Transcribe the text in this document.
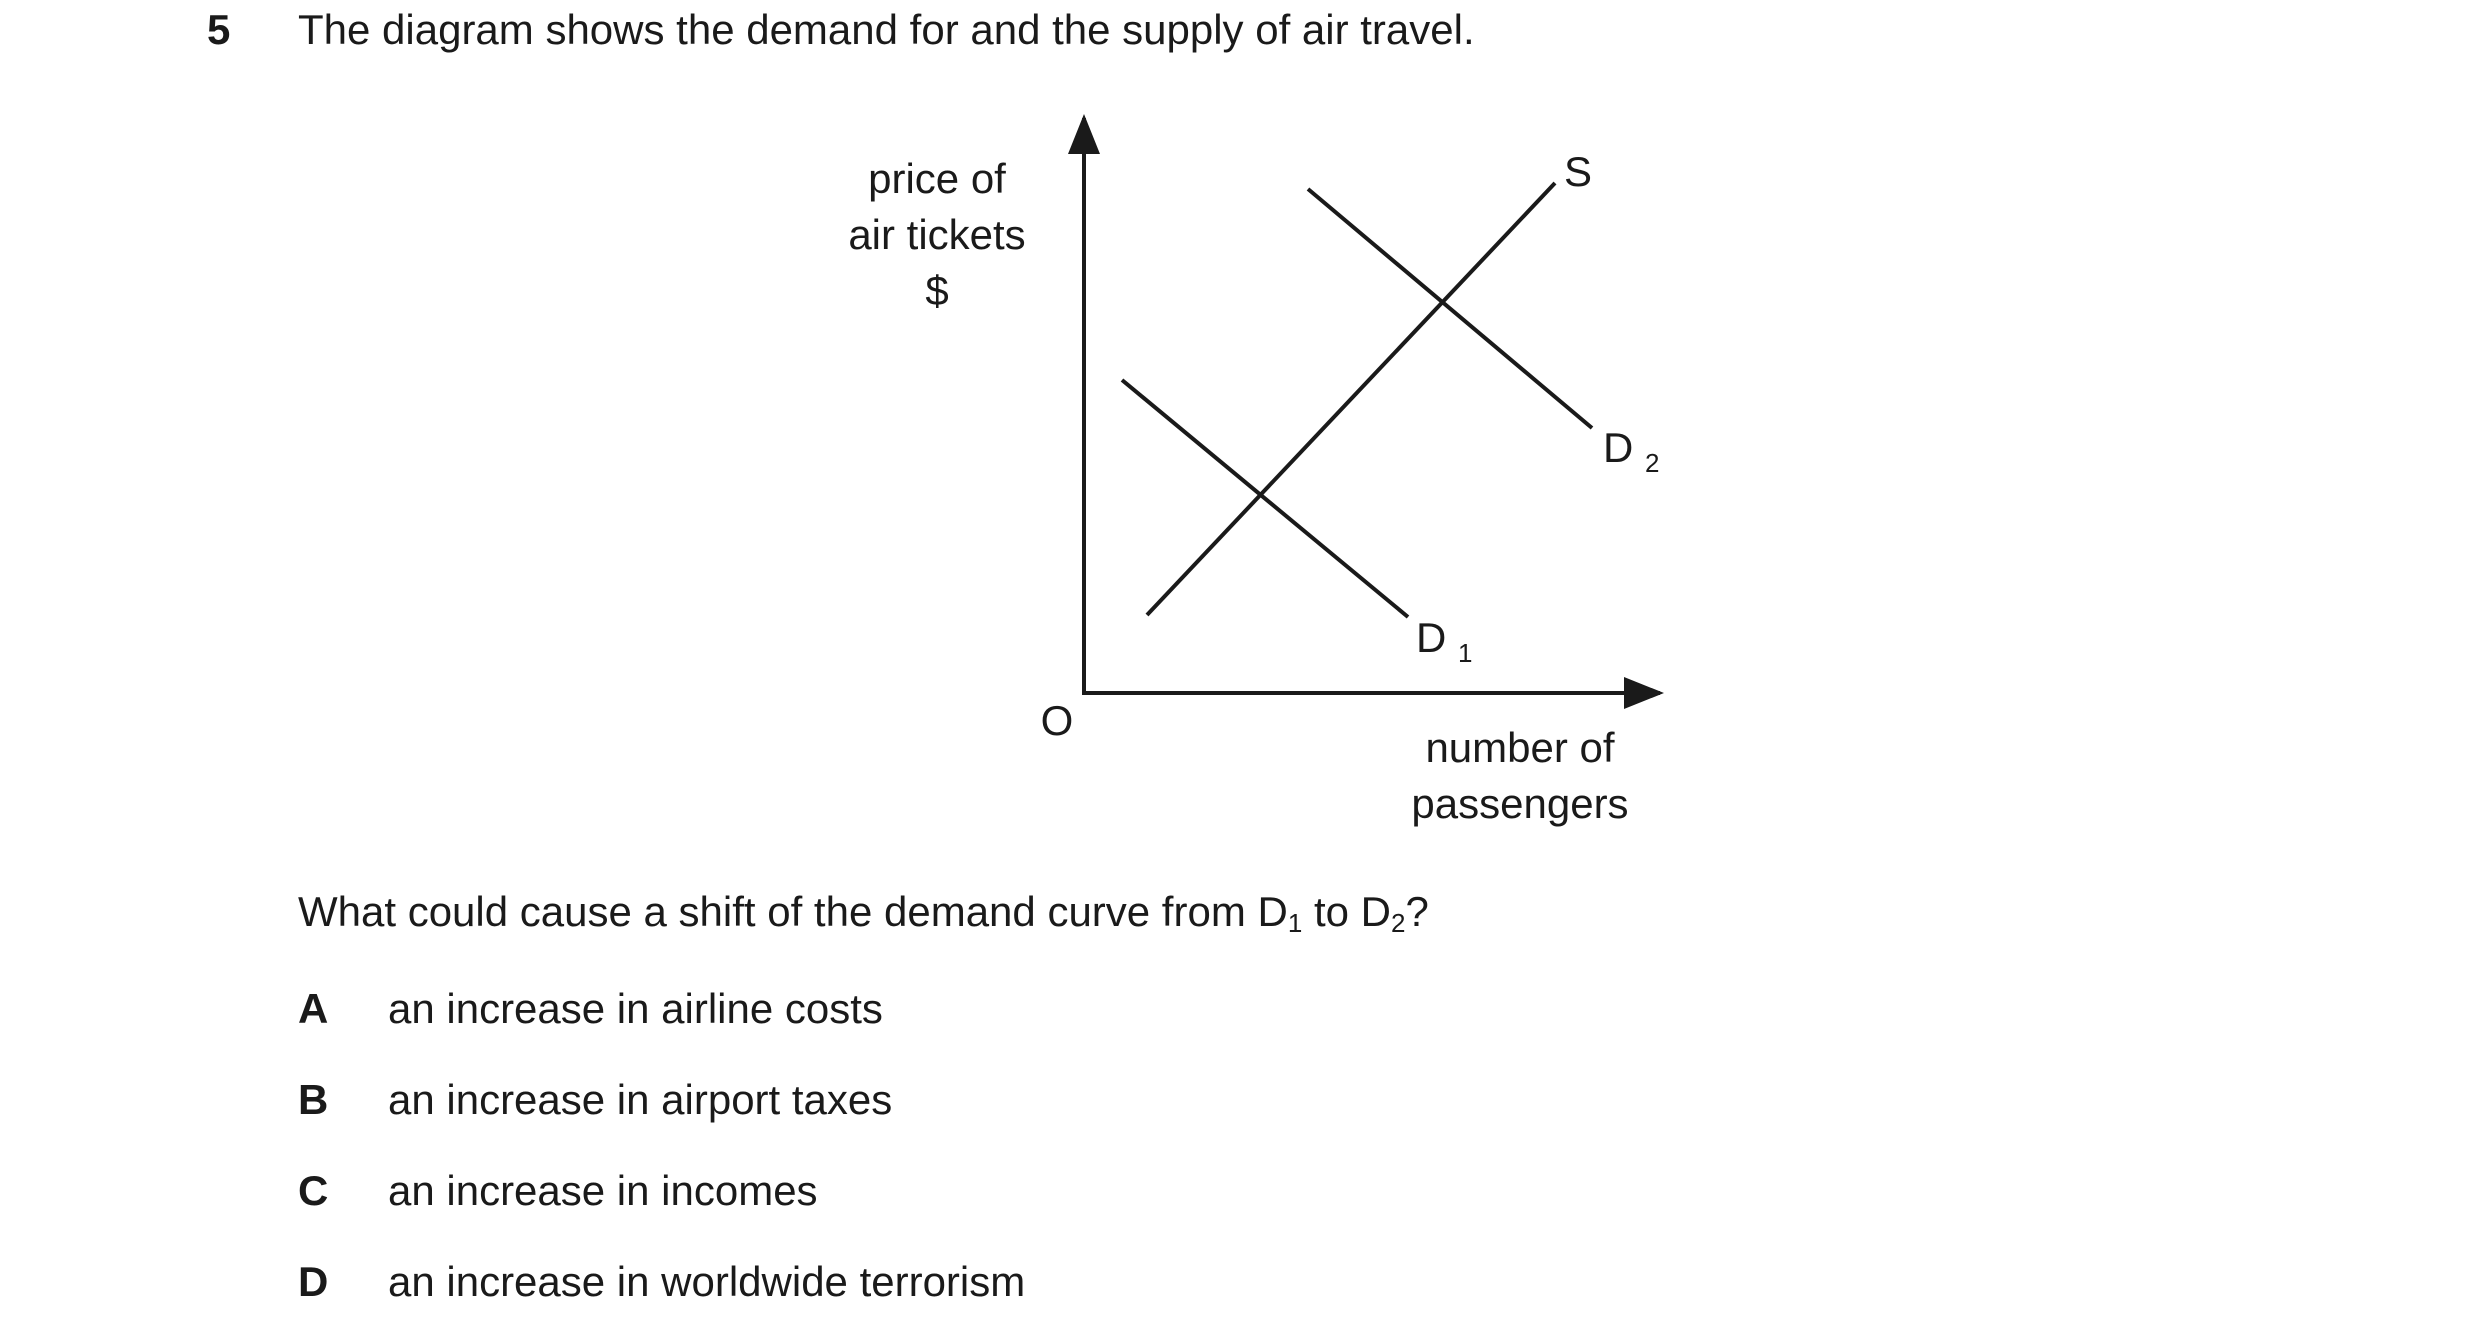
5 The diagram shows the demand for and the supply of air travel.
price of
air tickets
$
O
number of
passengers
S
D $_1$
D $_2$
What could cause a shift of the demand curve from $D_1$ to $D_2$?
A	an increase in airline costs
B	an increase in airport taxes
C	an increase in incomes
D	an increase in worldwide terrorism
